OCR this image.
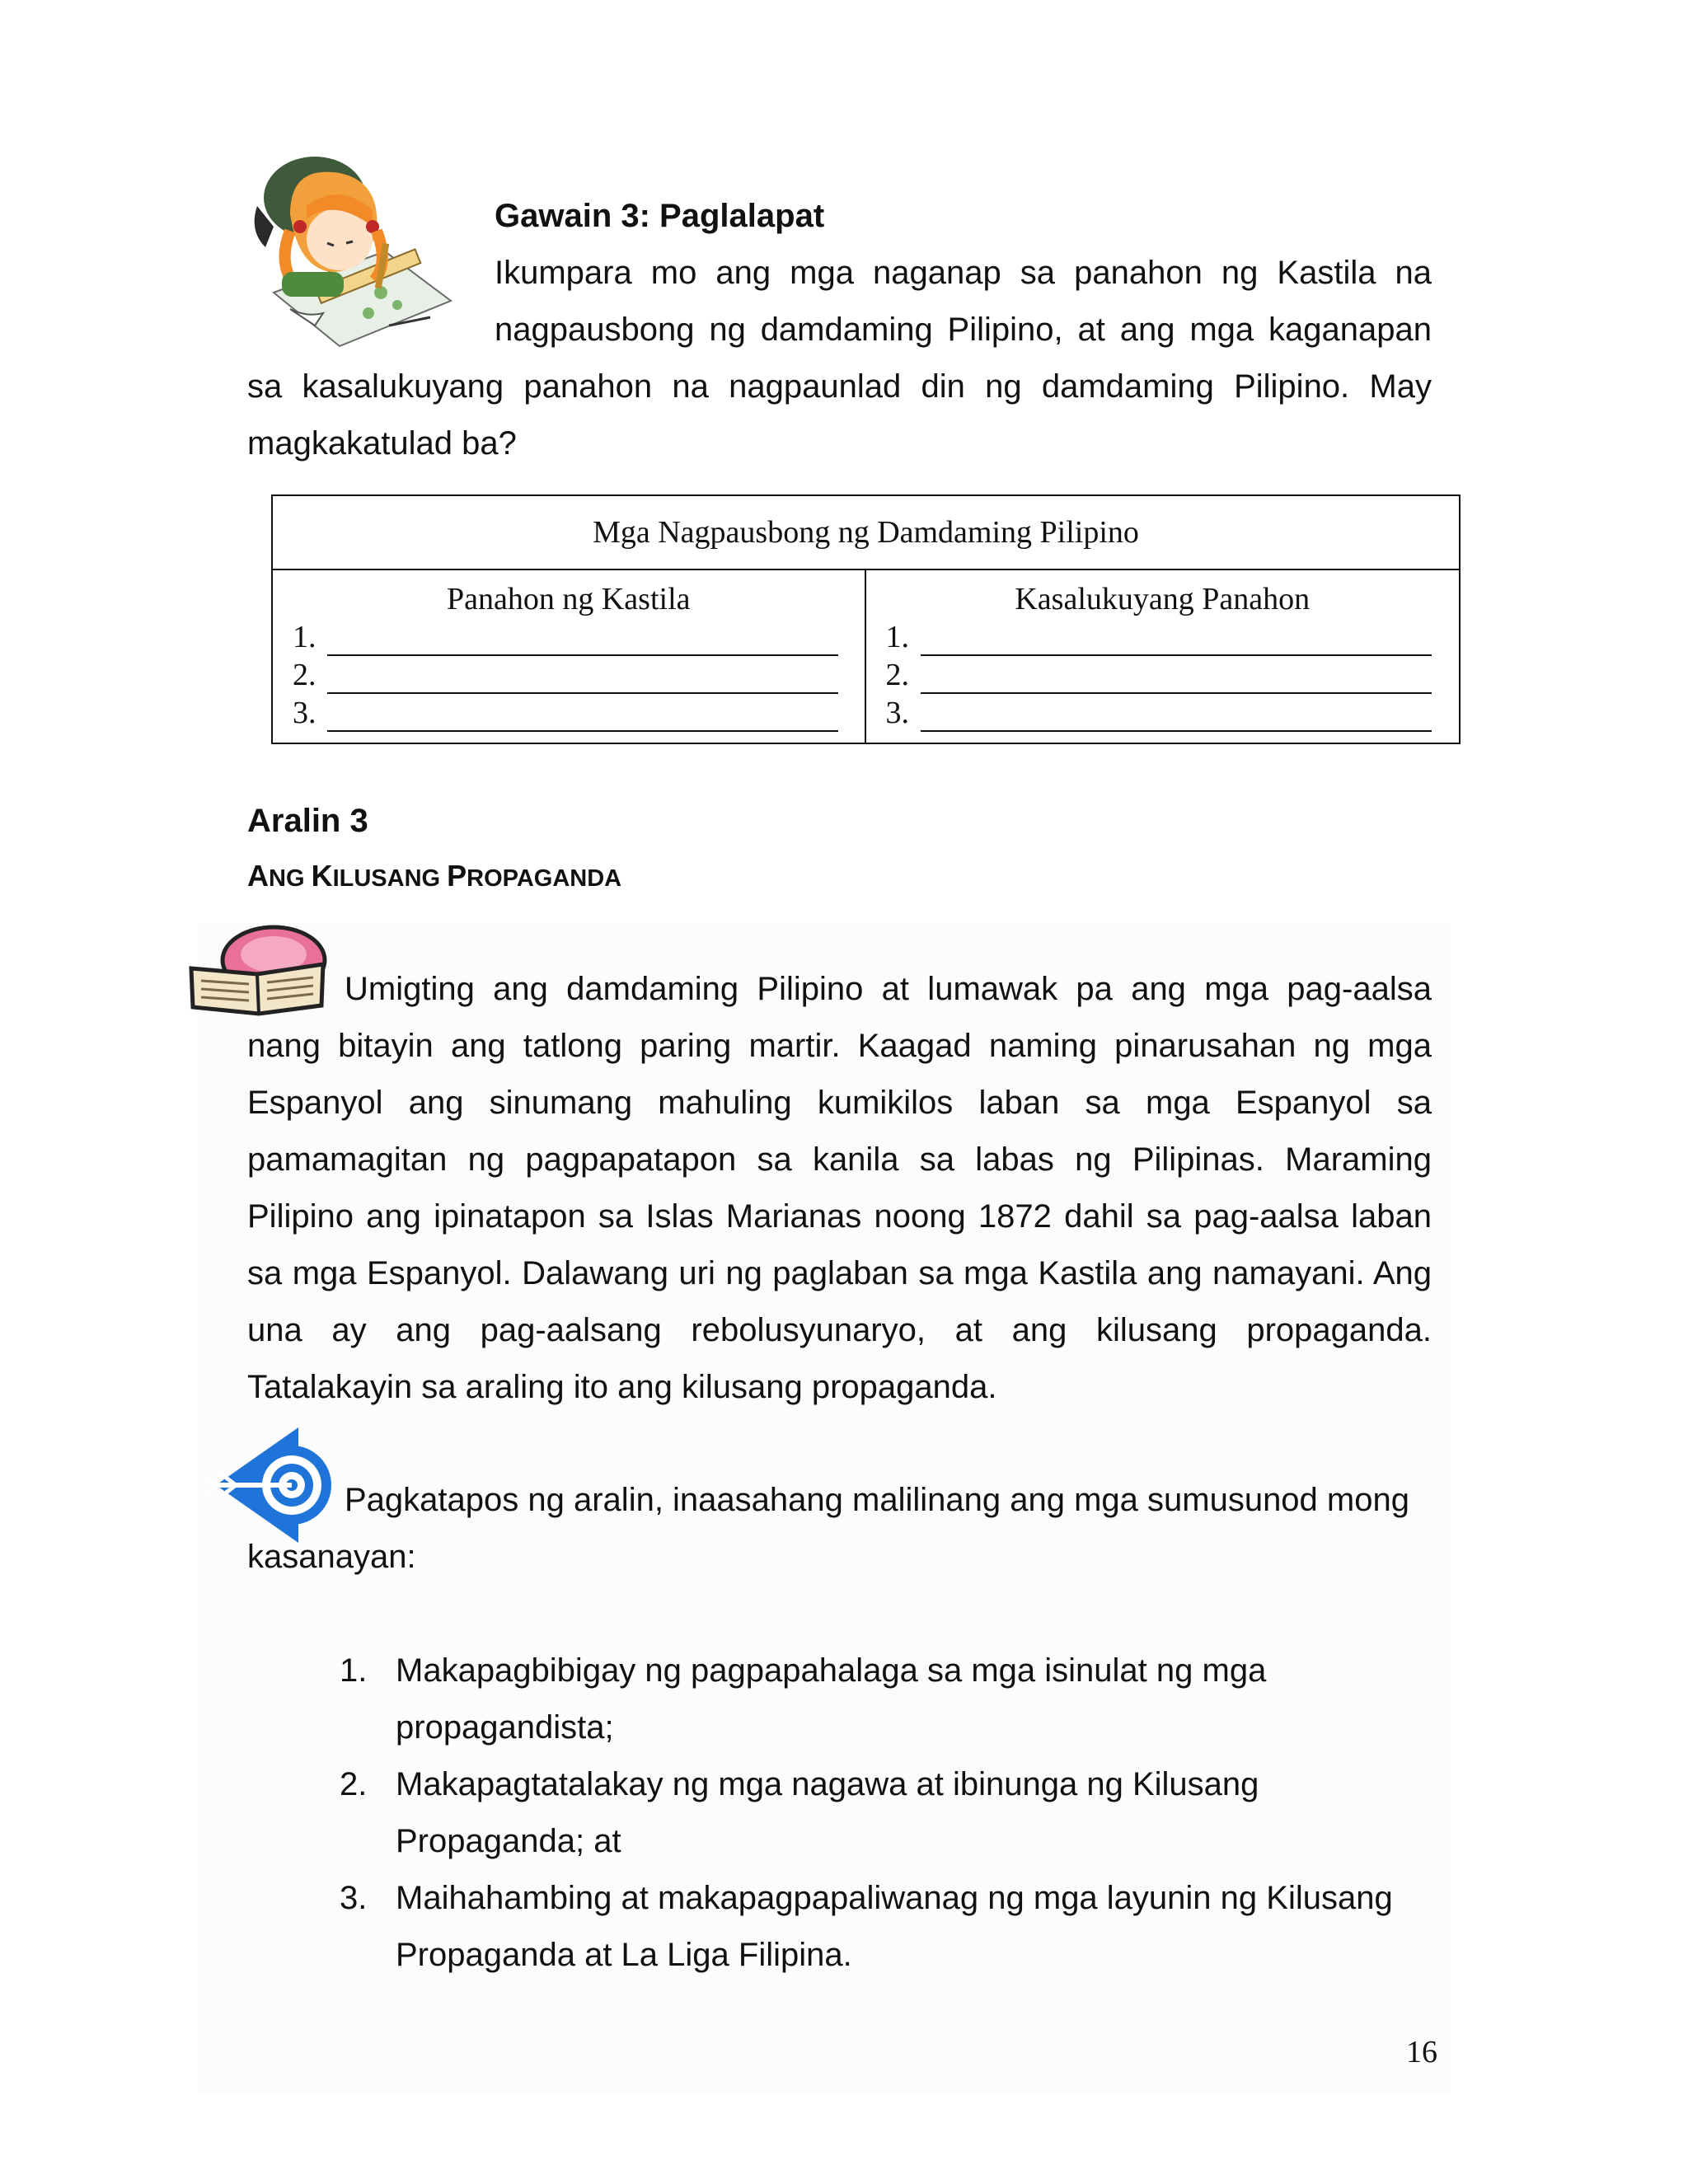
Gawain 3: Paglalapat

Ikumpara mo ang mga naganap sa panahon ng Kastila na

nagpausbong ng damdaming Pilipino, at ang mga kaganapan

sa kasalukuyang panahon na nagpaunlad din ng damdaming Pilipino. May

magkakatulad ba?

Mga Nagpausbong ng Damdaming Pilipino
Panahon ng Kastila
1.
2.
3.
Kasalukuyang Panahon
1.
2.
3.

Aralin 3

ANG KILUSANG PROPAGANDA

Umigting ang damdaming Pilipino at lumawak pa ang mga pag-aalsa

nang bitayin ang tatlong paring martir. Kaagad naming pinarusahan ng mga

Espanyol ang sinumang mahuling kumikilos laban sa mga Espanyol sa

pamamagitan ng pagpapatapon sa kanila sa labas ng Pilipinas. Maraming

Pilipino ang ipinatapon sa Islas Marianas noong 1872 dahil sa pag-aalsa laban

sa mga Espanyol. Dalawang uri ng paglaban sa mga Kastila ang namayani. Ang

una ay ang pag-aalsang rebolusyunaryo, at ang kilusang propaganda.

Tatalakayin sa araling ito ang kilusang propaganda.

Pagkatapos ng aralin, inaasahang malilinang ang mga sumusunod mong

kasanayan:

1. Makapagbibigay ng pagpapahalaga sa mga isinulat ng mga
propagandista;
2. Makapagtatalakay ng mga nagawa at ibinunga ng Kilusang
Propaganda; at
3. Maihahambing at makapagpapaliwanag ng mga layunin ng Kilusang
Propaganda at La Liga Filipina.
16
